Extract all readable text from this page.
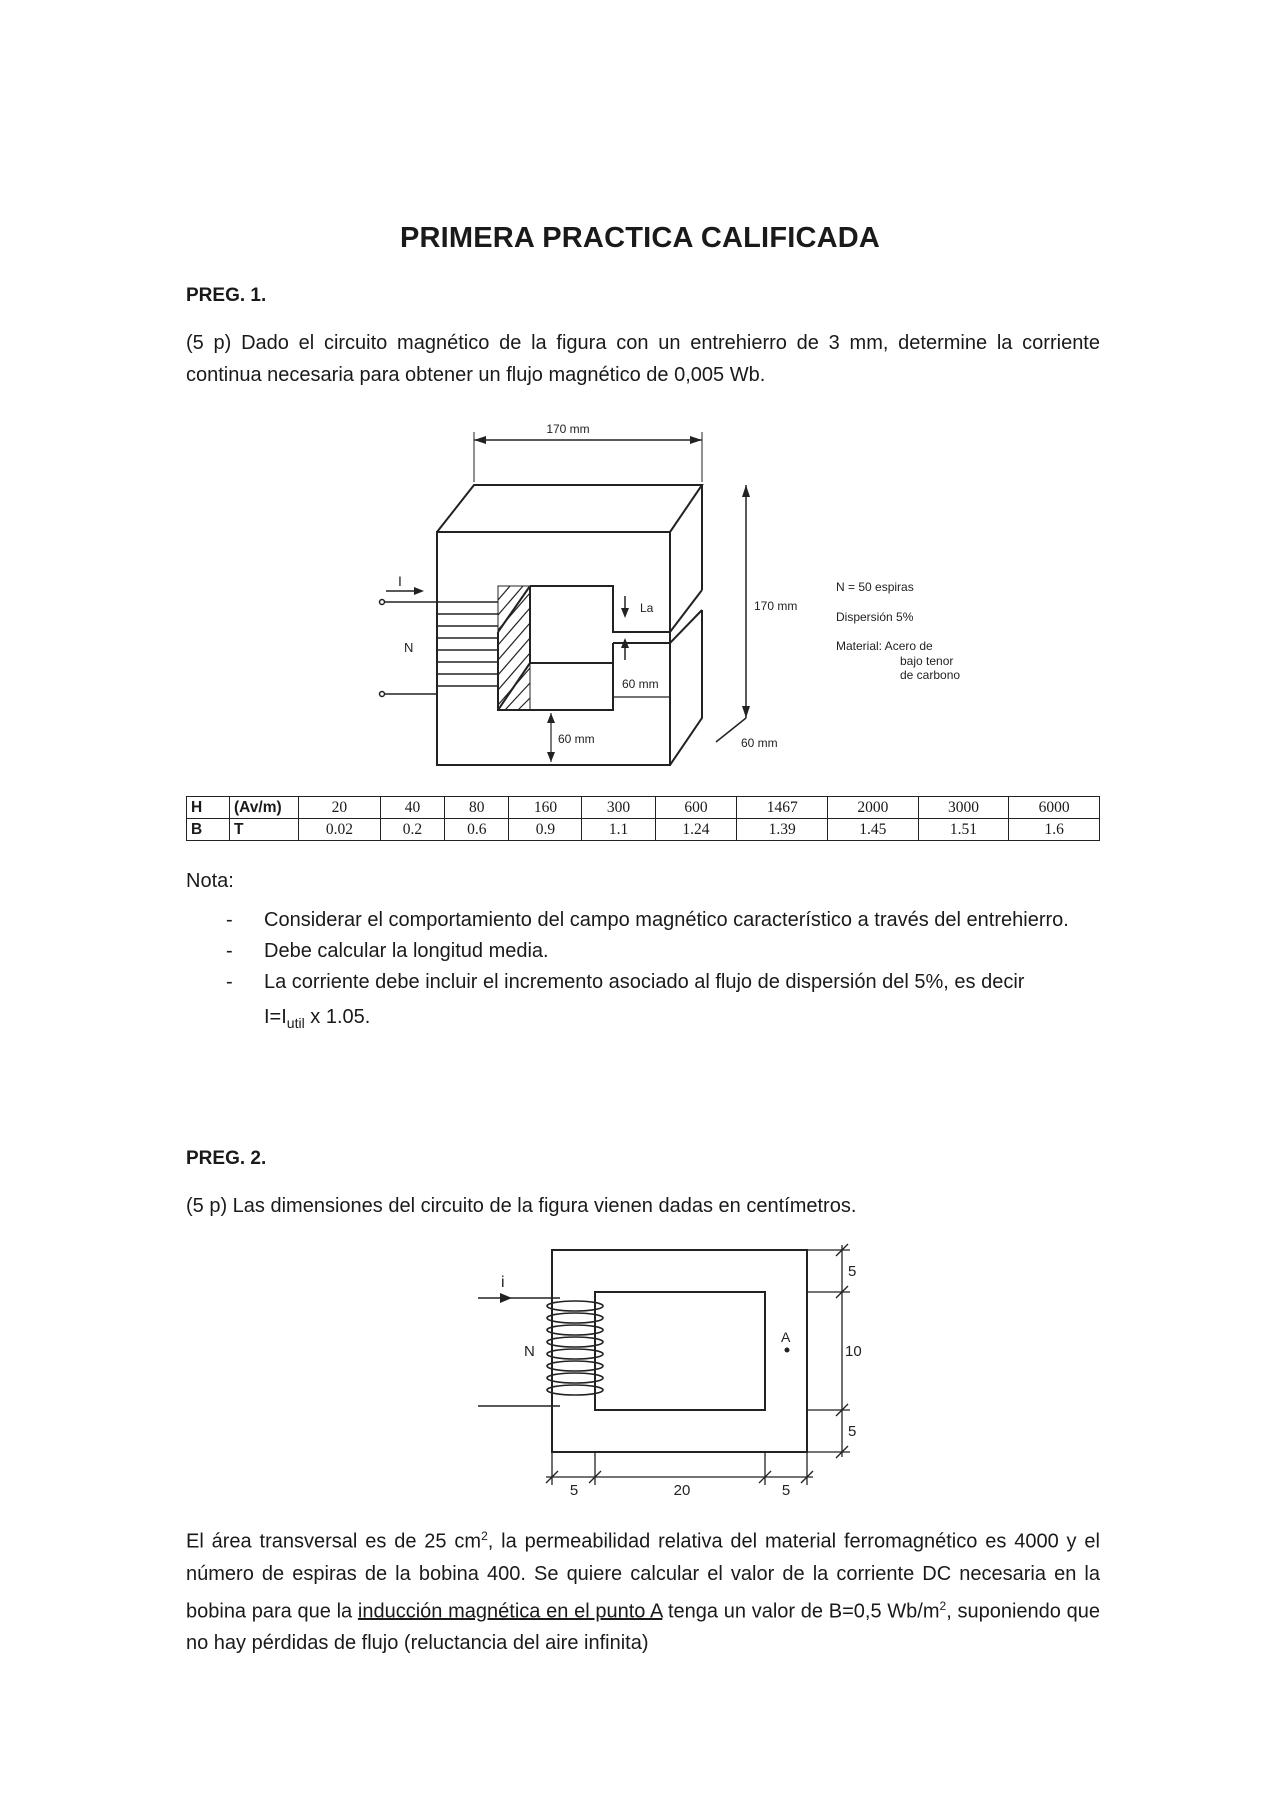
PRIMERA PRACTICA CALIFICADA
PREG. 1.
(5 p) Dado el circuito magnético de la figura con un entrehierro de 3 mm, determine la corriente continua necesaria para obtener un flujo magnético de 0,005 Wb.
170 mm
170 mm
60 mm
60 mm
60 mm
I
N
La
N = 50 espiras
Dispersión 5%
Material: Acero de
bajo tenor
de carbono
H	(Av/m)	20	40	80	160	300	600	1467	2000	3000	6000
B	T	0.02	0.2	0.6	0.9	1.1	1.24	1.39	1.45	1.51	1.6
Nota:
- Considerar el comportamiento del campo magnético característico a través del entrehierro.
- Debe calcular la longitud media.
- La corriente debe incluir el incremento asociado al flujo de dispersión del 5%, es decir
$I=I_{util}$ x 1.05.
PREG. 2.
(5 p) Las dimensiones del circuito de la figura vienen dadas en centímetros.
i
N
A
5
10
5
5	20	5
El área transversal es de 25 $cm^2$, la permeabilidad relativa del material ferromagnético es 4000 y el número de espiras de la bobina 400. Se quiere calcular el valor de la corriente DC necesaria en la bobina para que la inducción magnética en el punto A tenga un valor de B=0,5 $Wb/m^2$, suponiendo que no hay pérdidas de flujo (reluctancia del aire infinita)
